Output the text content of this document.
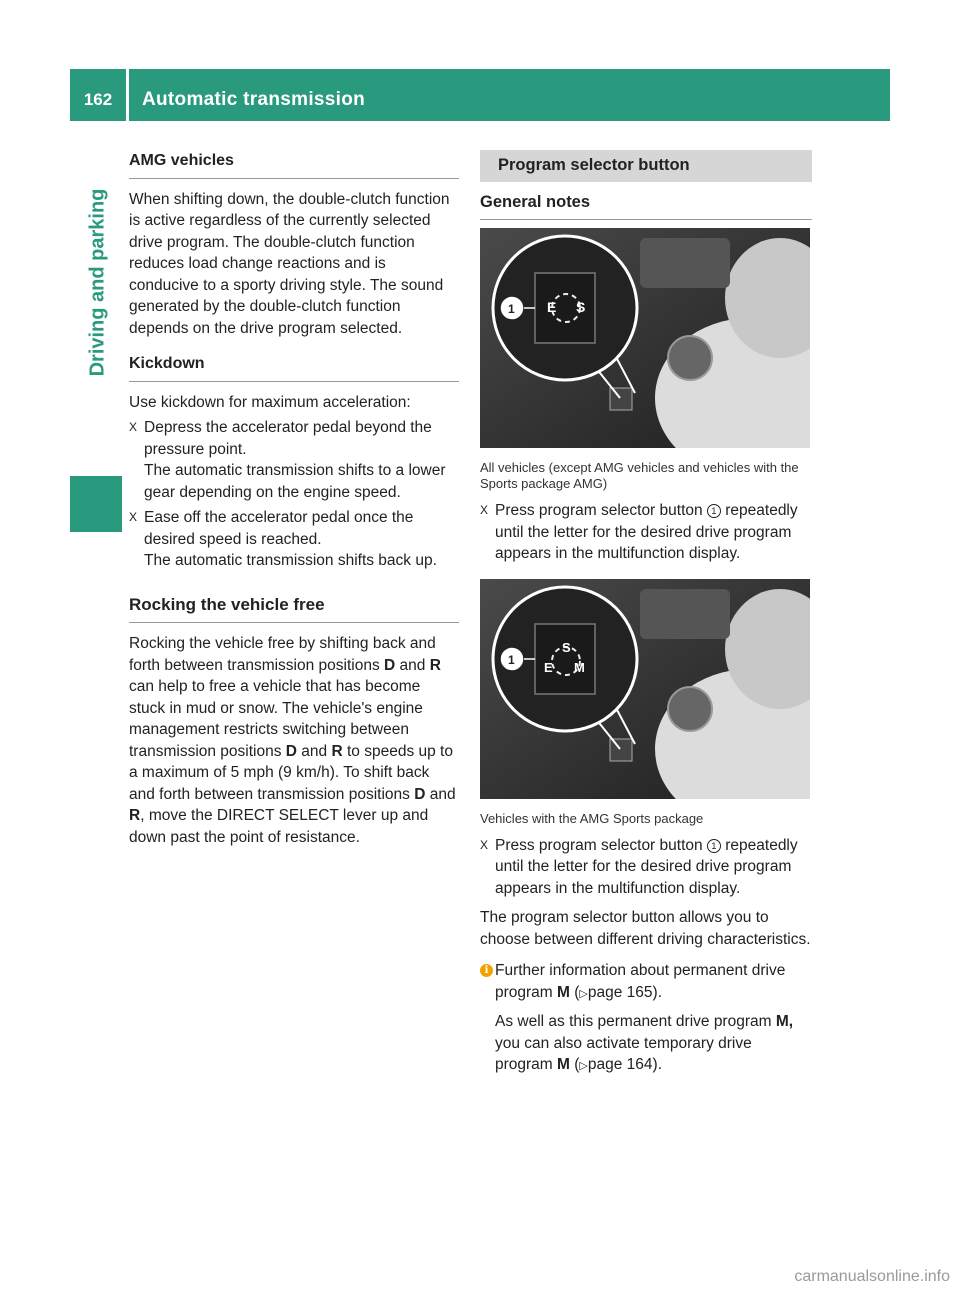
162	Automatic transmission
Driving and parking
AMG vehicles

When shifting down, the double-clutch function is active regardless of the currently selected drive program. The double-clutch function reduces load change reactions and is conducive to a sporty driving style. The sound generated by the double-clutch function depends on the drive program selected.

Kickdown

Use kickdown for maximum acceleration:

X Depress the accelerator pedal beyond the pressure point.

The automatic transmission shifts to a lower gear depending on the engine speed.

X Ease off the accelerator pedal once the desired speed is reached.

The automatic transmission shifts back up.

Rocking the vehicle free

Rocking the vehicle free by shifting back and forth between transmission positions D and R can help to free a vehicle that has become stuck in mud or snow. The vehicle's engine management restricts switching between transmission positions D and R to speeds up to a maximum of 5 mph (9 km/h). To shift back and forth between transmission positions D and R, move the DIRECT SELECT lever up and down past the point of resistance.

Program selector button
General notes
E S
1
P27.60-2147-31

All vehicles (except AMG vehicles and vehicles with the Sports package AMG)

X Press program selector button 1 repeatedly until the letter for the desired drive program appears in the multifunction display.

S
E M
1
P27.60-2148-31

Vehicles with the AMG Sports package

X Press program selector button 1 repeatedly until the letter for the desired drive program appears in the multifunction display.

The program selector button allows you to choose between different driving characteristics.

i Further information about permanent drive program M (▷page 165).

As well as this permanent drive program M, you can also activate temporary drive program M (▷page 164).

carmanualsonline.info
